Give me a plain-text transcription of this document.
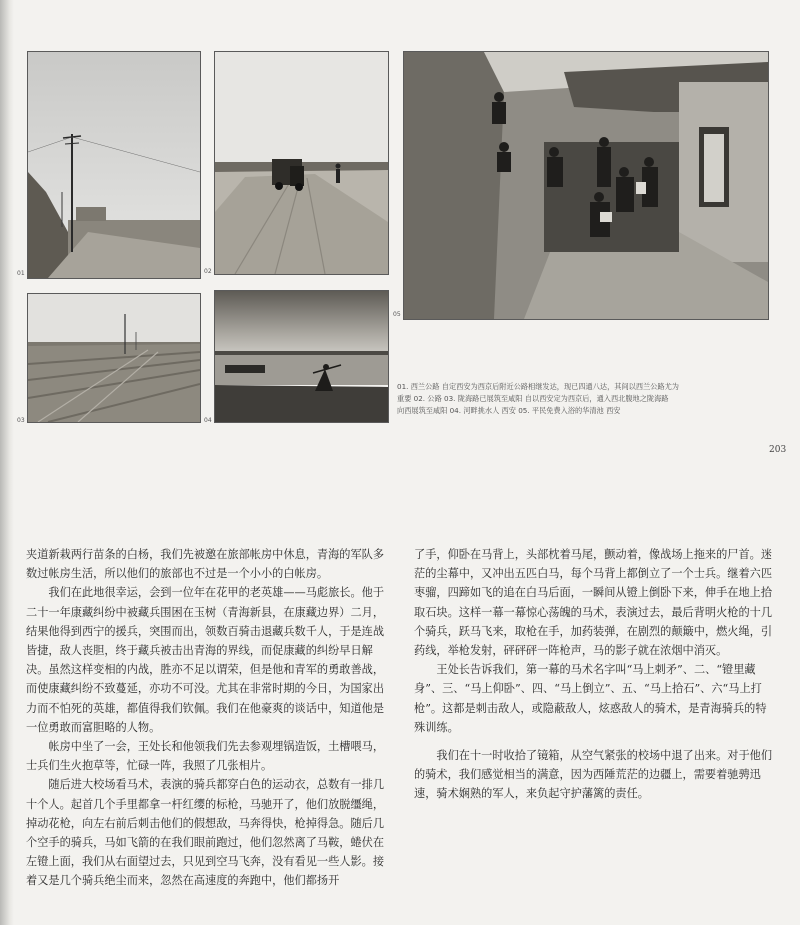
01	02
03	04
05
01. 西兰公路 自定西安为西京后附近公路相继发达，现已四通八达，其间以西兰公路尤为
重要 02. 公路 03. 陇海路已展筑至咸阳 自以西安定为西京后，通入西北腹地之陇海路
向西展筑至咸阳 04. 河畔挑水人 西安 05. 平民免费入浴的华清池 西安
203

夹道新栽两行苗条的白杨，我们先被邀在旅部帐房中休息，青海的军队多数过帐房生活，所以他们的旅部也不过是一个小小的白帐房。

我们在此地很幸运，会到一位年在花甲的老英雄——马彪旅长。他于二十一年康藏纠纷中被藏兵围困在玉树（青海新县，在康藏边界）二月，结果他得到西宁的援兵，突围而出，领数百骑击退藏兵数千人，于是连战皆捷，敌人丧胆，终于藏兵被击出青海的界线，而促康藏的纠纷早日解决。虽然这样变相的内战，胜亦不足以谓荣，但是他和青军的勇敢善战，而使康藏纠纷不致蔓延，亦功不可没。尤其在非常时期的今日，为国家出力而不怕死的英雄，都值得我们钦佩。我们在他豪爽的谈话中，知道他是一位勇敢而富胆略的人物。

帐房中坐了一会，王处长和他领我们先去参观埋锅造饭，土槽喂马，士兵们生火抱草等，忙碌一阵，我照了几张相片。

随后进大校场看马术，表演的骑兵都穿白色的运动衣，总数有一排几十个人。起首几个手里都拿一杆红缨的标枪，马驰开了，他们放脱缰绳，掉动花枪，向左右前后刺击他们的假想敌，马奔得快，枪掉得急。随后几个空手的骑兵，马如飞箭的在我们眼前跑过，他们忽然离了马鞍，蜷伏在左镫上面，我们从右面望过去，只见到空马飞奔，没有看见一些人影。接着又是几个骑兵绝尘而来，忽然在高速度的奔跑中，他们都扬开

了手，仰卧在马背上，头部枕着马尾，颤动着，像战场上拖来的尸首。迷茫的尘幕中，又冲出五匹白马，每个马背上都倒立了一个士兵。继着六匹枣骝，四蹄如飞的追在白马后面，一瞬间从镫上倒卧下来，伸手在地上拾取石块。这样一幕一幕惊心荡魄的马术，表演过去，最后背明火枪的十几个骑兵，跃马飞来，取枪在手，加药装弹，在剧烈的颠簸中，燃火绳，引药线，举枪发射，砰砰砰一阵枪声，马的影子就在浓烟中消灭。

王处长告诉我们，第一幕的马术名字叫“马上刺矛”、二、“镫里藏身”、三、“马上仰卧”、四、“马上倒立”、五、“马上拾石”、六“马上打枪”。这都是刺击敌人，或隐蔽敌人，炫惑敌人的骑术，是青海骑兵的特殊训练。

我们在十一时收拾了镜箱，从空气紧张的校场中退了出来。对于他们的骑术，我们感觉相当的满意，因为西陲荒茫的边疆上，需要着驰骋迅速，骑术娴熟的军人，来负起守护藩篱的责任。
